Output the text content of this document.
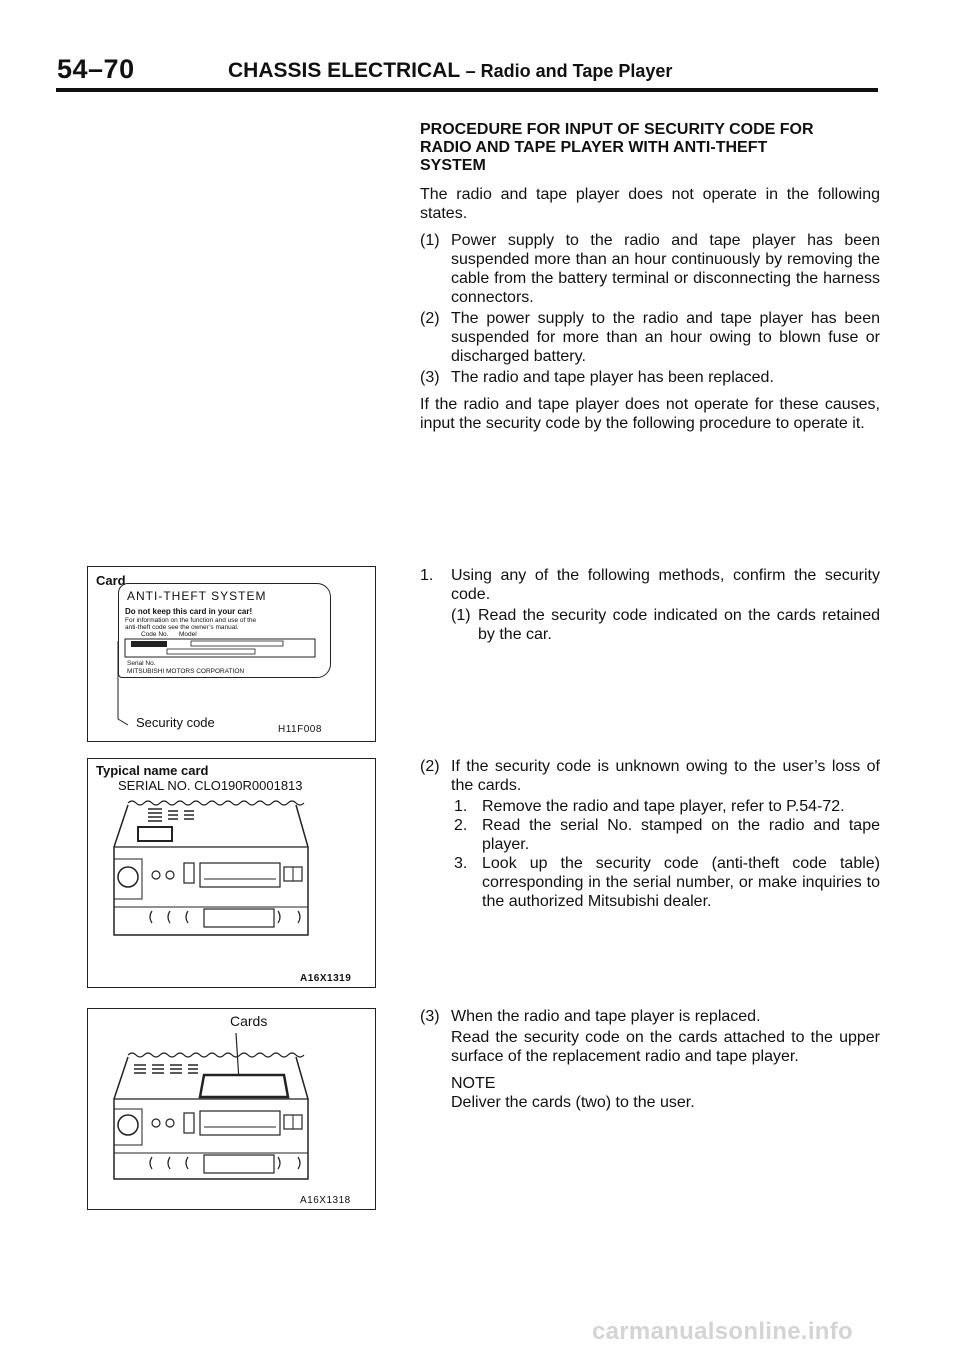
54–70	CHASSIS ELECTRICAL – Radio and Tape Player

PROCEDURE FOR INPUT OF SECURITY CODE FOR
RADIO AND TAPE PLAYER WITH ANTI-THEFT
SYSTEM

The radio and tape player does not operate in the following states.

(1) Power supply to the radio and tape player has been suspended more than an hour continuously by removing the cable from the battery terminal or disconnecting the harness connectors.
(2) The power supply to the radio and tape player has been suspended for more than an hour owing to blown fuse or discharged battery.
(3) The radio and tape player has been replaced.

If the radio and tape player does not operate for these causes, input the security code by the following procedure to operate it.

1. Using any of the following methods, confirm the security code.
(1) Read the security code indicated on the cards retained by the car.
(2) If the security code is unknown owing to the user’s loss of the cards.
1. Remove the radio and tape player, refer to P.54-72.
2. Read the serial No. stamped on the radio and tape player.
3. Look up the security code (anti-theft code table) corresponding in the serial number, or make inquiries to the authorized Mitsubishi dealer.
(3) When the radio and tape player is replaced.

Read the security code on the cards attached to the upper surface of the replacement radio and tape player.

NOTE

Deliver the cards (two) to the user.

Card
ANTI-THEFT SYSTEM
Do not keep this card in your car!
For information on the function and use of the
anti-theft code see the owner’s manual.
Code No. Model
Serial No.
MITSUBISHI MOTORS CORPORATION
Security code	H11F008
Typical name card
SERIAL NO. CLO190R0001813
A16X1319
Cards
A16X1318
carmanualsonline.info
